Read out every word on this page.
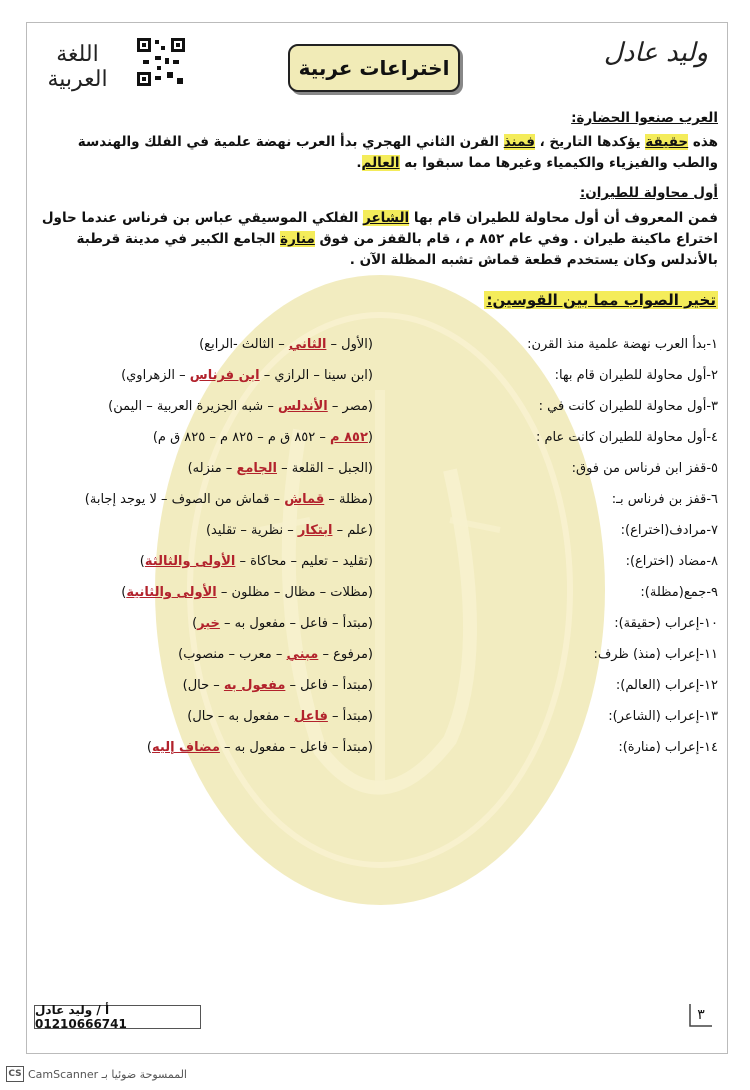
اللغة العربية	اختراعات عربية	وليد عادل
العرب صنعوا الحضارة:
هذه حقيقة يؤكدها التاريخ ، فمنذ القرن الثاني الهجري بدأ العرب نهضة علمية في الفلك والهندسة والطب والفيزياء والكيمياء وغيرها مما سبقوا به العالم.
أول محاولة للطيران:
فمن المعروف أن أول محاولة للطيران قام بها الشاعر الفلكي الموسيقي عباس بن فرناس عندما حاول اختراع ماكينة طيران . وفي عام ٨٥٢ م ، قام بالقفز من فوق منارة الجامع الكبير في مدينة قرطبة بالأندلس وكان يستخدم قطعة قماش تشبه المظلة الآن .
تخير الصواب مما بين القوسين:
١-بدأ العرب نهضة علمية منذ القرن:
(الأول – الثاني – الثالث -الرابع)
٢-أول محاولة للطيران قام بها:
(ابن سينا – الرازي – ابن فرناس – الزهراوي)
٣-أول محاولة للطيران كانت في :
(مصر – الأندلس – شبه الجزيرة العربية – اليمن)
٤-أول محاولة للطيران كانت عام :
(٨٥٢ م – ٨٥٢ ق م – ٨٢٥ م – ٨٢٥ ق م)
٥-قفز ابن فرناس من فوق:
(الجبل – القلعة – الجامع – منزله)
٦-قفز بن فرناس بـ:
(مظلة – قماش – قماش من الصوف – لا يوجد إجابة)
٧-مرادف(اختراع):
(علم – ابتكار – نظرية – تقليد)
٨-مضاد (اختراع):
(تقليد – تعليم – محاكاة – الأولى والثالثة)
٩-جمع(مظلة):
(مظلات – مظال – مظلون – الأولى والثانية)
١٠-إعراب (حقيقة):
(مبتدأ – فاعل – مفعول به – خبر)
١١-إعراب (منذ) ظرف:
(مرفوع – مبني – معرب – منصوب)
١٢-إعراب (العالم):
(مبتدأ – فاعل – مفعول به – حال)
١٣-إعراب (الشاعر):
(مبتدأ – فاعل – مفعول به – حال)
١٤-إعراب (منارة):
(مبتدأ – فاعل – مفعول به – مضاف إليه)
أ / وليد عادل 01210666741
٣
CS CamScanner الممسوحة ضوئيا بـ
